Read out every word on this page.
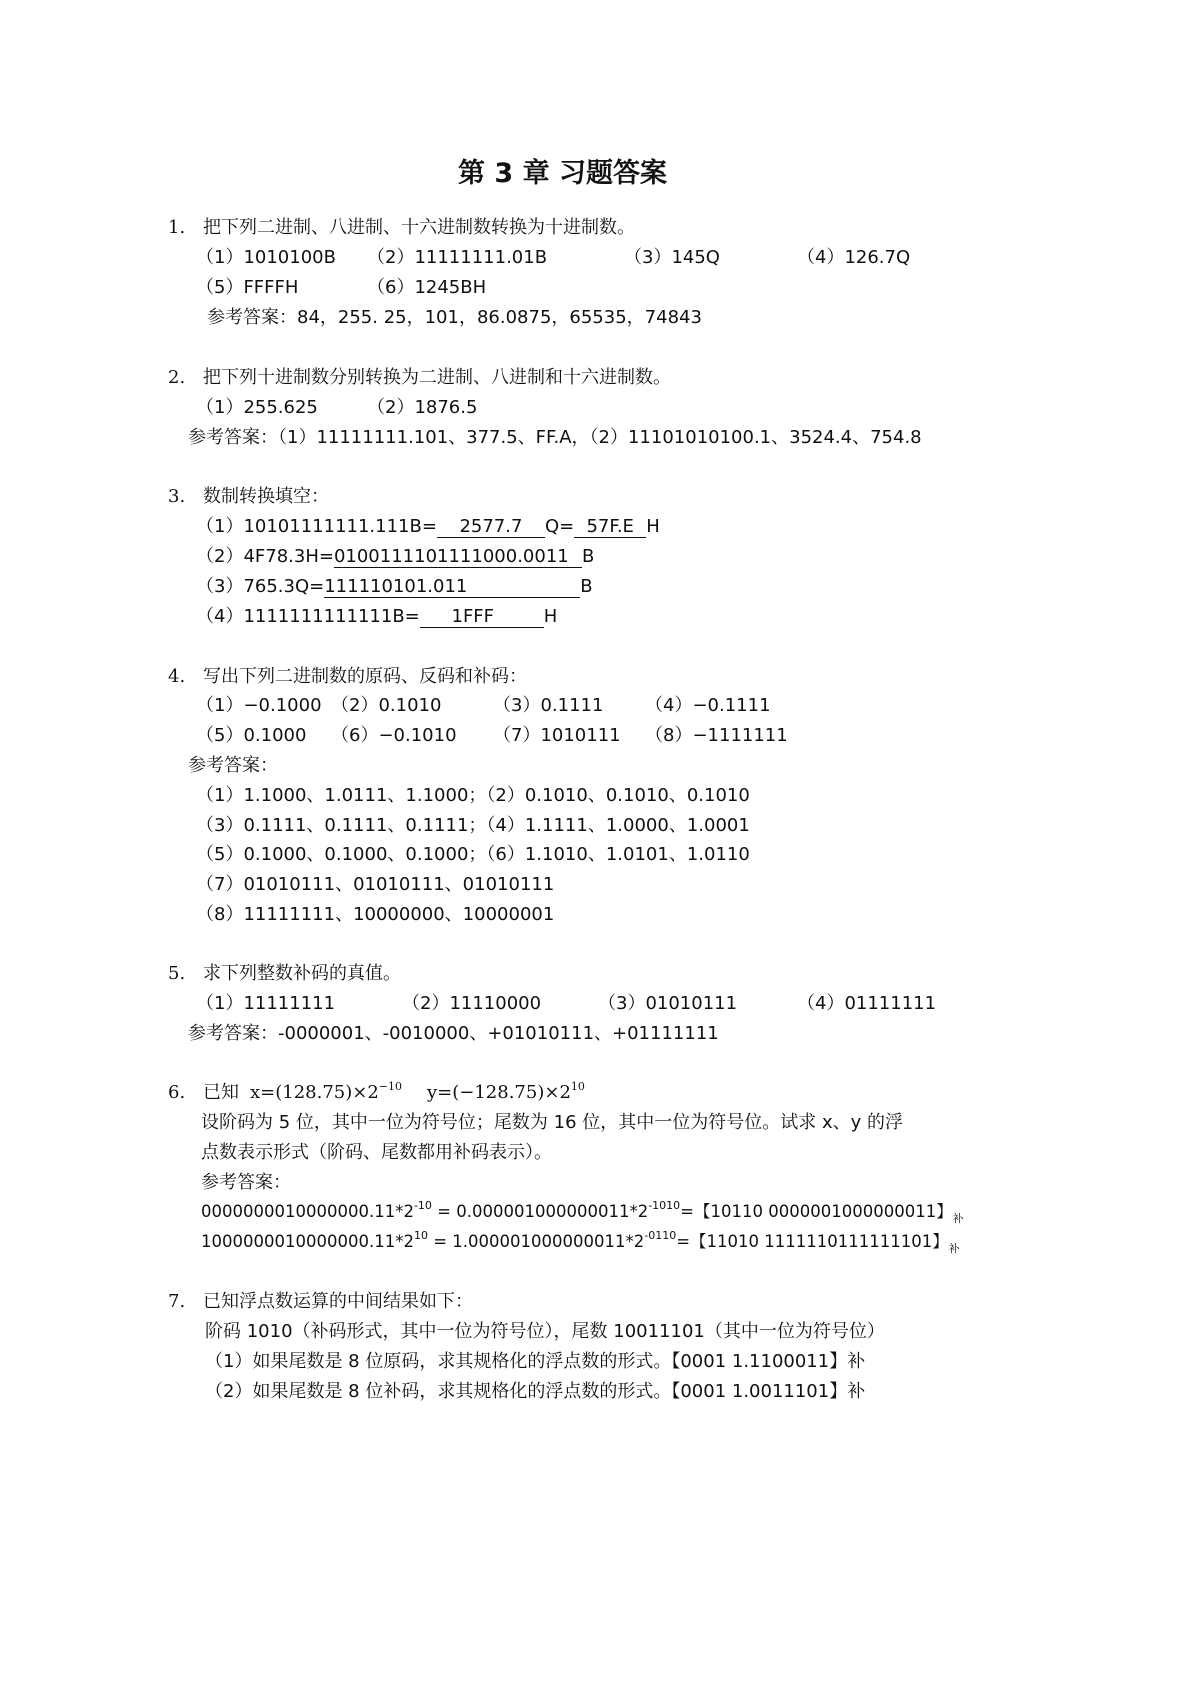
第 3 章 习题答案
1. 把下列二进制、八进制、十六进制数转换为十进制数。
（1）1010100B （2）11111111.01B	（3）145Q	（4）126.7Q
（5）FFFFH	（6）1245BH
参考答案：84，255. 25，101，86.0875，65535，74843
2. 把下列十进制数分别转换为二进制、八进制和十六进制数。
（1）255.625	（2）1876.5
参考答案：（1）11111111.101、377.5、FF.A，（2）11101010100.1、3524.4、754.8
3. 数制转换填空：
（1）10101111111.111B= 2577.7 Q= 57F.E H
（2）4F78.3H=0100111101111000.0011 B
（3）765.3Q=111110101.011	B
（4）1111111111111B= 1FFF	H
4. 写出下列二进制数的原码、反码和补码：
（1）−0.1000 （2）0.1010	（3）0.1111 （4）−0.1111
（5）0.1000 （6）−0.1010 （7）1010111 （8）−1111111
参考答案：
（1）1.1000、1.0111、1.1000；（2）0.1010、0.1010、0.1010
（3）0.1111、0.1111、0.1111；（4）1.1111、1.0000、1.0001
（5）0.1000、0.1000、0.1000；（6）1.1010、1.0101、1.0110
（7）01010111、01010111、01010111
（8）11111111、10000000、10000001
5. 求下列整数补码的真值。
（1）11111111	（2）11110000	（3）01010111	（4）01111111
参考答案：-0000001、-0010000、+01010111、+01111111
6. 已知 $x=(128.75)\times 2^{-10}$ $y=(-128.75)\times 2^{10}$
设阶码为 5 位，其中一位为符号位；尾数为 16 位，其中一位为符号位。试求 x、y 的浮
点数表示形式（阶码、尾数都用补码表示）。
参考答案：
$0000000010000000.11*2^{-10} = 0.000001000000011*2^{-1010}=$【10110 0000001000000011】$_补$
$1000000010000000.11*2^{10} = 1.000001000000011*2^{-0110}=$【11010 1111110111111101】$_补$
7. 已知浮点数运算的中间结果如下：
阶码 1010（补码形式，其中一位为符号位），尾数 10011101（其中一位为符号位）
（1）如果尾数是 8 位原码，求其规格化的浮点数的形式。【0001 1.1100011】补
（2）如果尾数是 8 位补码，求其规格化的浮点数的形式。【0001 1.0011101】补
